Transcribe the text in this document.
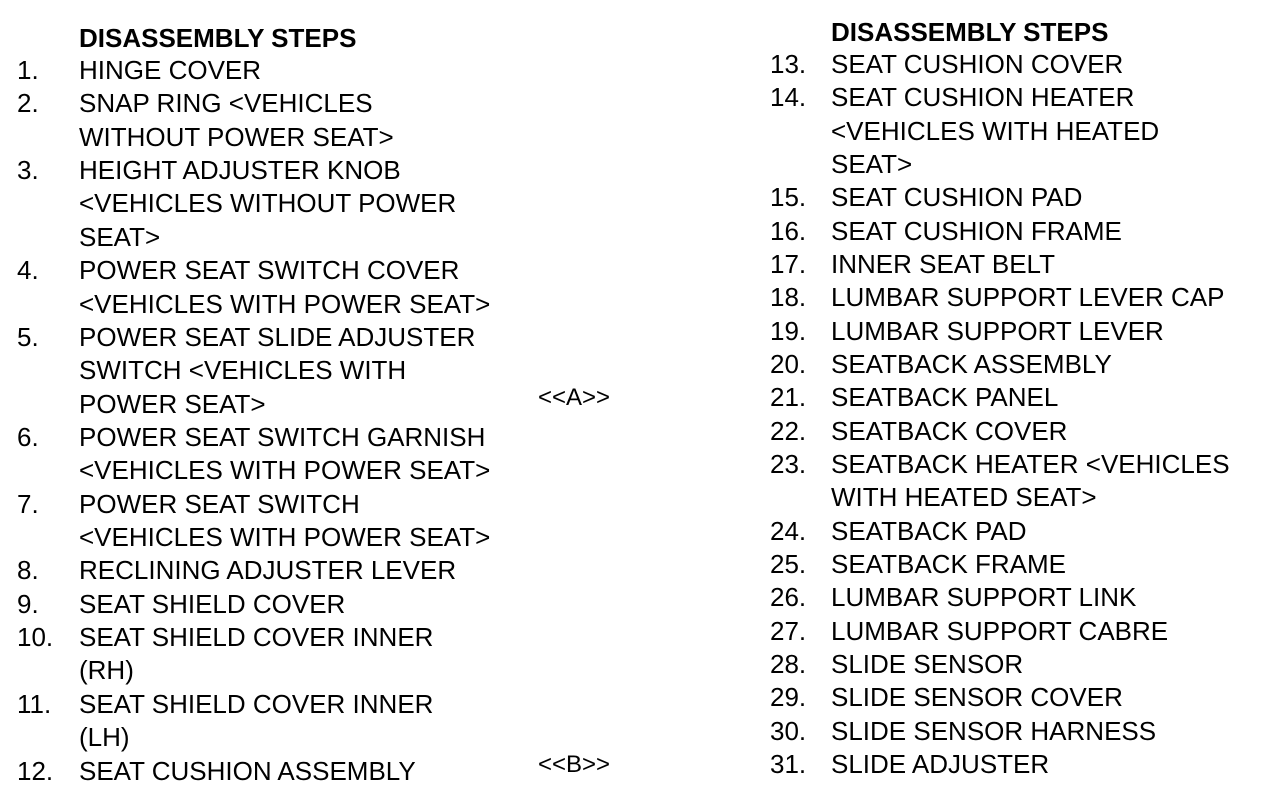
DISASSEMBLY STEPS
1. HINGE COVER
2. SNAP RING <VEHICLES
WITHOUT POWER SEAT>
3. HEIGHT ADJUSTER KNOB
<VEHICLES WITHOUT POWER
SEAT>
4. POWER SEAT SWITCH COVER
<VEHICLES WITH POWER SEAT>
5. POWER SEAT SLIDE ADJUSTER
SWITCH <VEHICLES WITH
POWER SEAT>
6. POWER SEAT SWITCH GARNISH
<VEHICLES WITH POWER SEAT>
7. POWER SEAT SWITCH
<VEHICLES WITH POWER SEAT>
8. RECLINING ADJUSTER LEVER
9. SEAT SHIELD COVER
10. SEAT SHIELD COVER INNER
(RH)
11. SEAT SHIELD COVER INNER
(LH)
12. SEAT CUSHION ASSEMBLY
<<A>>
<<B>>
DISASSEMBLY STEPS
13. SEAT CUSHION COVER
14. SEAT CUSHION HEATER
<VEHICLES WITH HEATED
SEAT>
15. SEAT CUSHION PAD
16. SEAT CUSHION FRAME
17. INNER SEAT BELT
18. LUMBAR SUPPORT LEVER CAP
19. LUMBAR SUPPORT LEVER
20. SEATBACK ASSEMBLY
21. SEATBACK PANEL
22. SEATBACK COVER
23. SEATBACK HEATER <VEHICLES
WITH HEATED SEAT>
24. SEATBACK PAD
25. SEATBACK FRAME
26. LUMBAR SUPPORT LINK
27. LUMBAR SUPPORT CABRE
28. SLIDE SENSOR
29. SLIDE SENSOR COVER
30. SLIDE SENSOR HARNESS
31. SLIDE ADJUSTER
